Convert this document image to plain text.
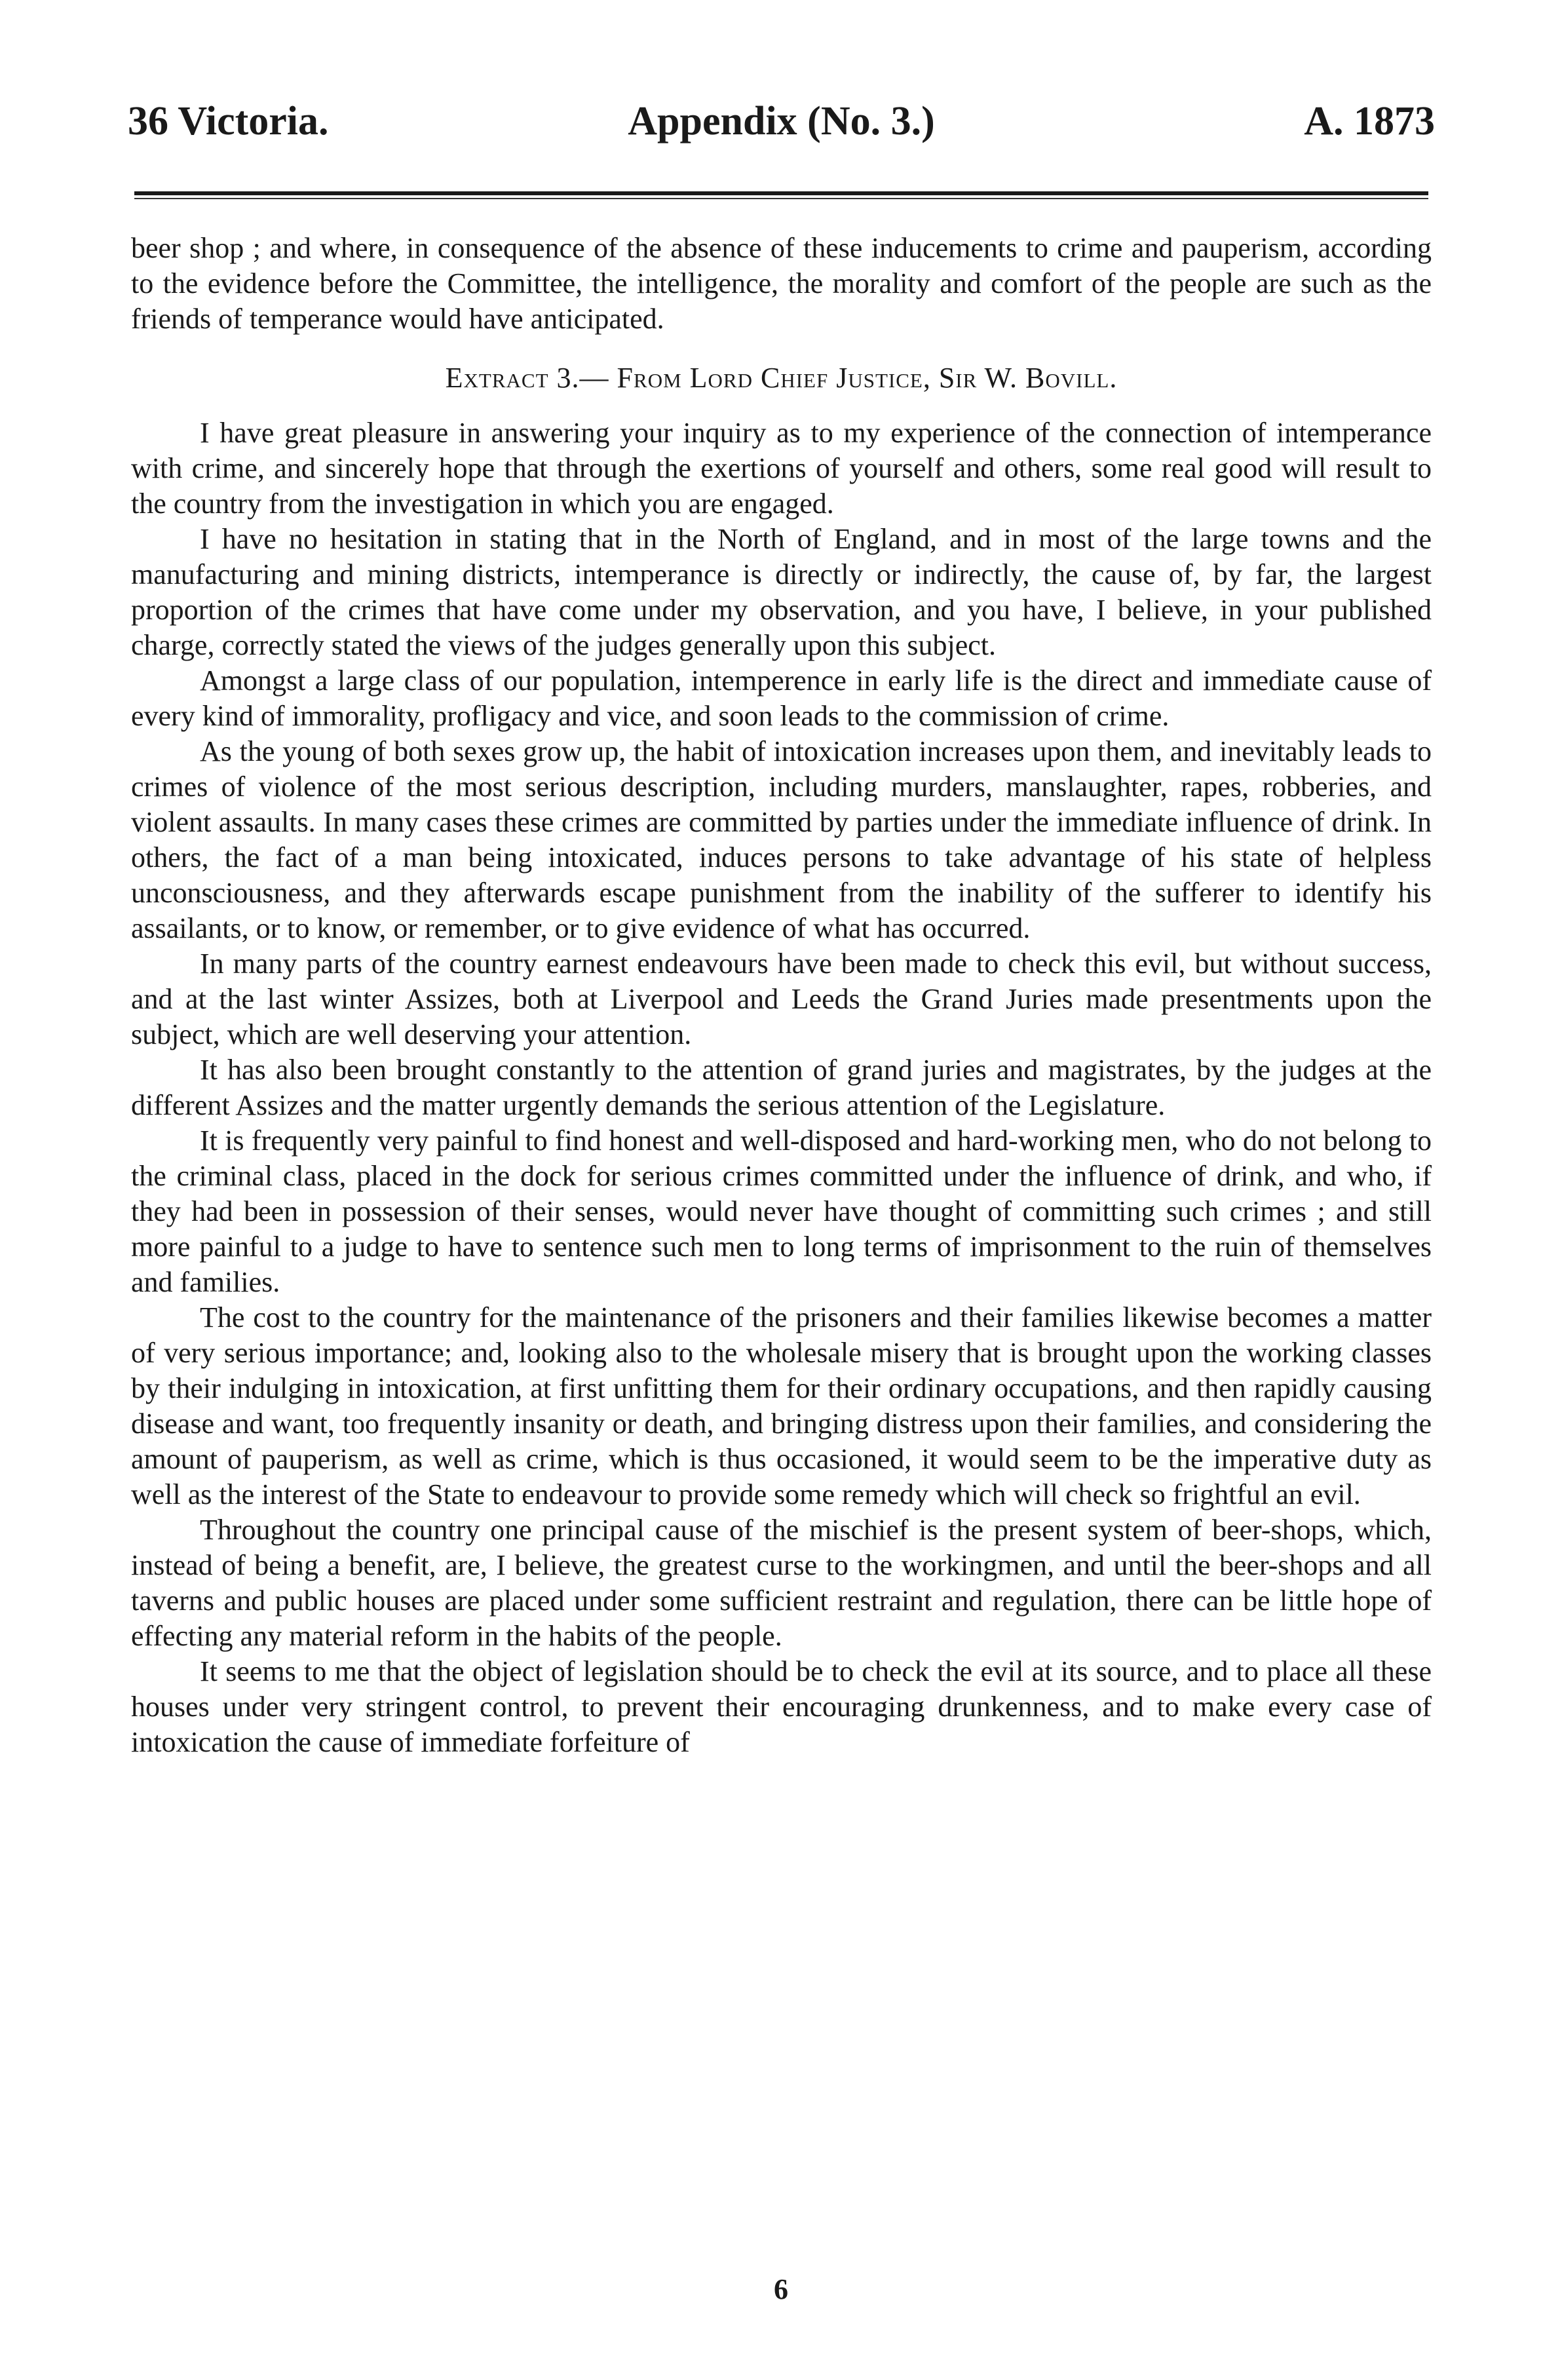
36 Victoria.	Appendix (No. 3.)	A. 1873

beer shop ; and where, in consequence of the absence of these inducements to crime and pauperism, according to the evidence before the Committee, the intelligence, the morality and comfort of the people are such as the friends of temperance would have anticipated.

Extract 3.— From Lord Chief Justice, Sir W. Bovill.

I have great pleasure in answering your inquiry as to my experience of the connection of intemperance with crime, and sincerely hope that through the exertions of yourself and others, some real good will result to the country from the investigation in which you are engaged.

I have no hesitation in stating that in the North of England, and in most of the large towns and the manufacturing and mining districts, intemperance is directly or indirectly, the cause of, by far, the largest proportion of the crimes that have come under my observation, and you have, I believe, in your published charge, correctly stated the views of the judges generally upon this subject.

Amongst a large class of our population, intemperence in early life is the direct and immediate cause of every kind of immorality, profligacy and vice, and soon leads to the commission of crime.

As the young of both sexes grow up, the habit of intoxication increases upon them, and inevitably leads to crimes of violence of the most serious description, including murders, manslaughter, rapes, robberies, and violent assaults. In many cases these crimes are committed by parties under the immediate influence of drink. In others, the fact of a man being intoxicated, induces persons to take advantage of his state of helpless unconsciousness, and they afterwards escape punishment from the inability of the sufferer to identify his assailants, or to know, or remember, or to give evidence of what has occurred.

In many parts of the country earnest endeavours have been made to check this evil, but without success, and at the last winter Assizes, both at Liverpool and Leeds the Grand Juries made presentments upon the subject, which are well deserving your attention.

It has also been brought constantly to the attention of grand juries and magistrates, by the judges at the different Assizes and the matter urgently demands the serious attention of the Legislature.

It is frequently very painful to find honest and well-disposed and hard-working men, who do not belong to the criminal class, placed in the dock for serious crimes committed under the influence of drink, and who, if they had been in possession of their senses, would never have thought of committing such crimes ; and still more painful to a judge to have to sentence such men to long terms of imprisonment to the ruin of themselves and families.

The cost to the country for the maintenance of the prisoners and their families likewise becomes a matter of very serious importance; and, looking also to the wholesale misery that is brought upon the working classes by their indulging in intoxication, at first unfitting them for their ordinary occupations, and then rapidly causing disease and want, too frequently insanity or death, and bringing distress upon their families, and considering the amount of pauperism, as well as crime, which is thus occasioned, it would seem to be the imperative duty as well as the interest of the State to endeavour to provide some remedy which will check so frightful an evil.

Throughout the country one principal cause of the mischief is the present system of beer-shops, which, instead of being a benefit, are, I believe, the greatest curse to the workingmen, and until the beer-shops and all taverns and public houses are placed under some sufficient restraint and regulation, there can be little hope of effecting any material reform in the habits of the people.

It seems to me that the object of legislation should be to check the evil at its source, and to place all these houses under very stringent control, to prevent their encouraging drunkenness, and to make every case of intoxication the cause of immediate forfeiture of

6
